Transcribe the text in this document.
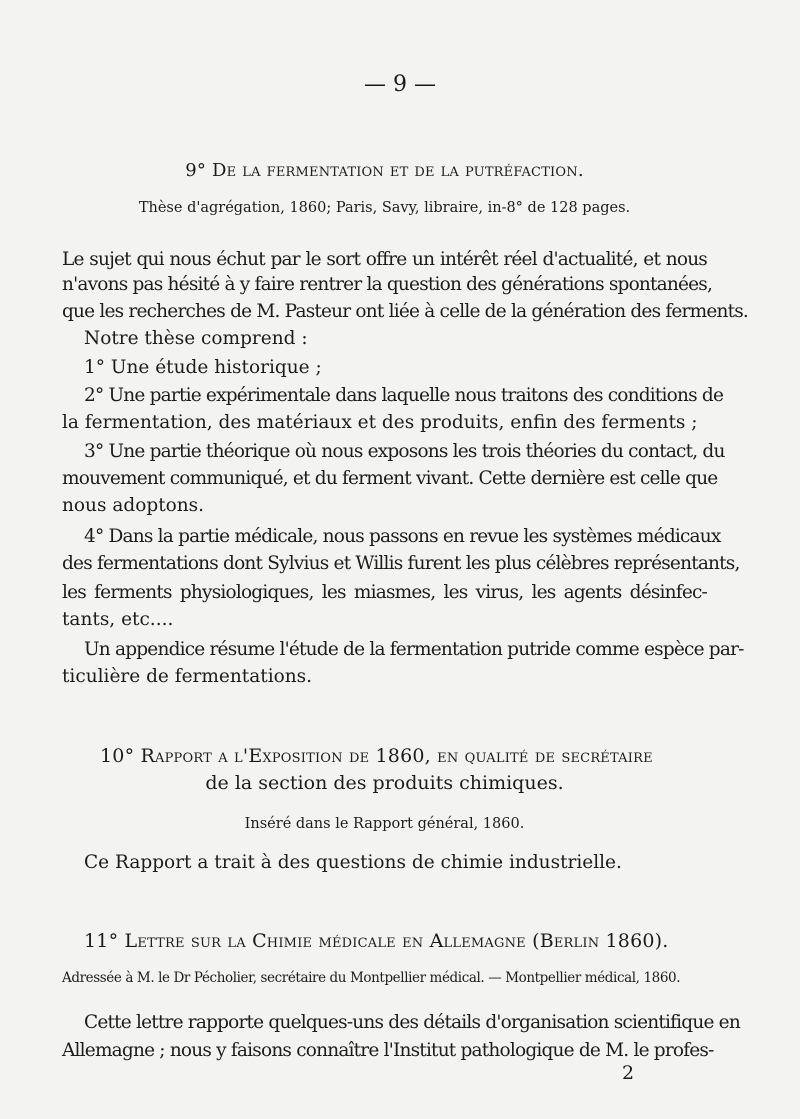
— 9 —
9° De la fermentation et de la putréfaction.
Thèse d'agrégation, 1860; Paris, Savy, libraire, in-8° de 128 pages.
Le sujet qui nous échut par le sort offre un intérêt réel d'actualité, et nous
n'avons pas hésité à y faire rentrer la question des générations spontanées,
que les recherches de M. Pasteur ont liée à celle de la génération des ferments.
Notre thèse comprend :
1° Une étude historique ;
2° Une partie expérimentale dans laquelle nous traitons des conditions de
la fermentation, des matériaux et des produits, enfin des ferments ;
3° Une partie théorique où nous exposons les trois théories du contact, du
mouvement communiqué, et du ferment vivant. Cette dernière est celle que
nous adoptons.
4° Dans la partie médicale, nous passons en revue les systèmes médicaux
des fermentations dont Sylvius et Willis furent les plus célèbres représentants,
les ferments physiologiques, les miasmes, les virus, les agents désinfec-
tants, etc....
Un appendice résume l'étude de la fermentation putride comme espèce par-
ticulière de fermentations.
10° Rapport a l'Exposition de 1860, en qualité de secrétaire
de la section des produits chimiques.
Inséré dans le Rapport général, 1860.
Ce Rapport a trait à des questions de chimie industrielle.
11° Lettre sur la Chimie médicale en Allemagne (Berlin 1860).
Adressée à M. le Dr Pécholier, secrétaire du Montpellier médical. — Montpellier médical, 1860.
Cette lettre rapporte quelques-uns des détails d'organisation scientifique en
Allemagne ; nous y faisons connaître l'Institut pathologique de M. le profes-
2
